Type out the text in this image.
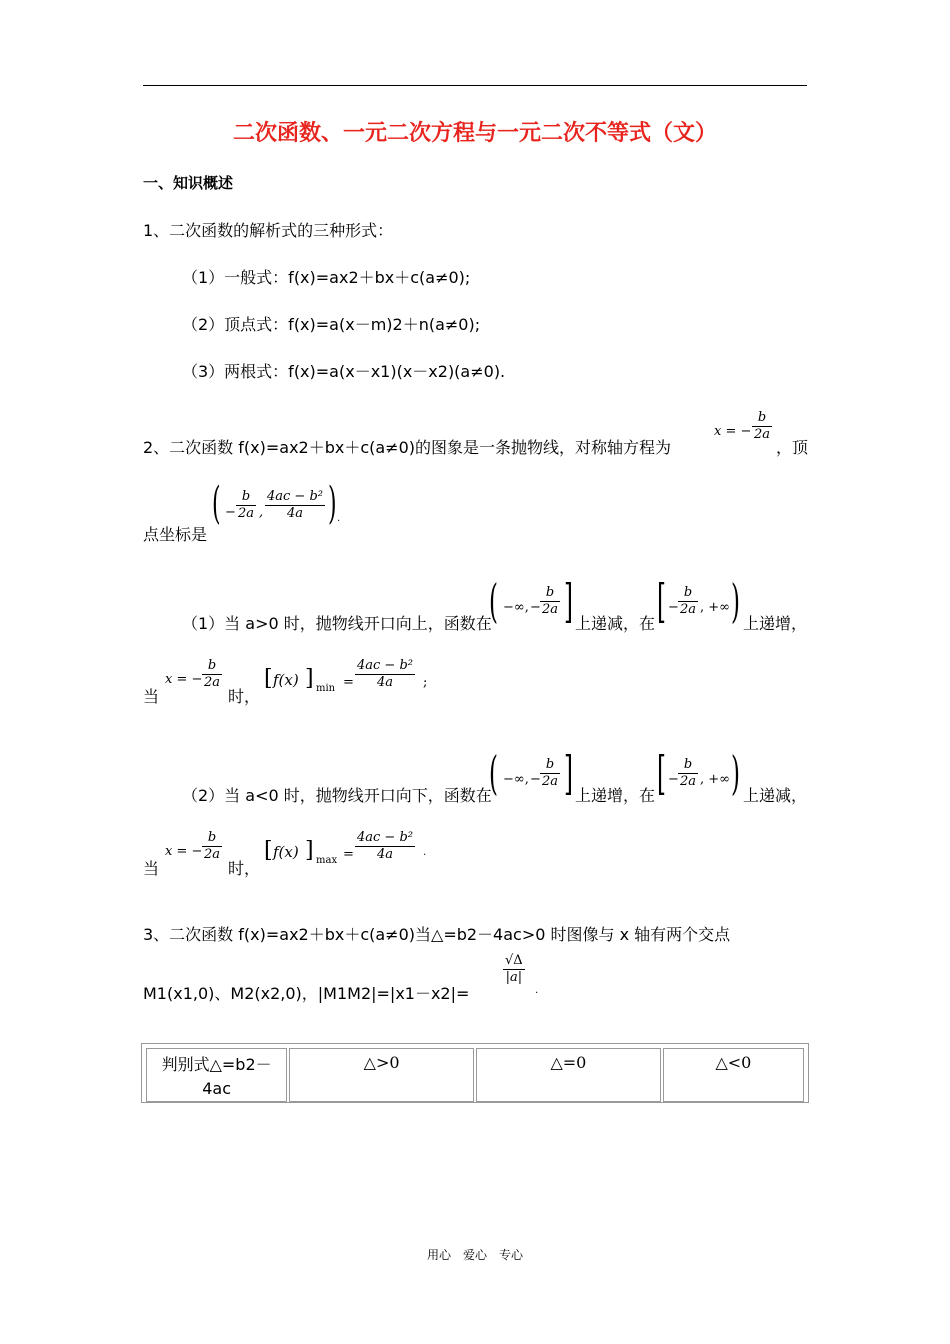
二次函数、一元二次方程与一元二次不等式（文）
一、知识概述
1、二次函数的解析式的三种形式：
（1）一般式：f(x)=ax2＋bx＋c(a≠0);
（2）顶点式：f(x)=a(x－m)2＋n(a≠0);
（3）两根式：f(x)=a(x－x1)(x－x2)(a≠0).
2、二次函数 f(x)=ax2＋bx＋c(a≠0)的图象是一条抛物线，对称轴方程为
x = −
b
2a
，顶
点坐标是
( −
b
2a ,
4ac − b²
4a ) .
（1）当 a>0 时，抛物线开口向上，函数在
( −∞, −
b
2a ] 上递减，在 [ −
b
2a , +∞ ) 上递增，
当
x = −
b
2a
时，
[ f(x) ] min =
4ac − b²
4a ;
（2）当 a<0 时，抛物线开口向下，函数在
( −∞, −
b
2a ] 上递增，在 [ −
b
2a , +∞ ) 上递减，
当
x = −
b
2a
时，
[ f(x) ] max =
4ac − b²
4a	.
3、二次函数 f(x)=ax2＋bx＋c(a≠0)当△=b2－4ac>0 时图像与 x 轴有两个交点
M1(x1,0)、M2(x2,0)，|M1M2|=|x1－x2|=
√Δ
|a|
.
判别式△=b2－4ac	△>0	△=0	△<0
用心　爱心　专心
